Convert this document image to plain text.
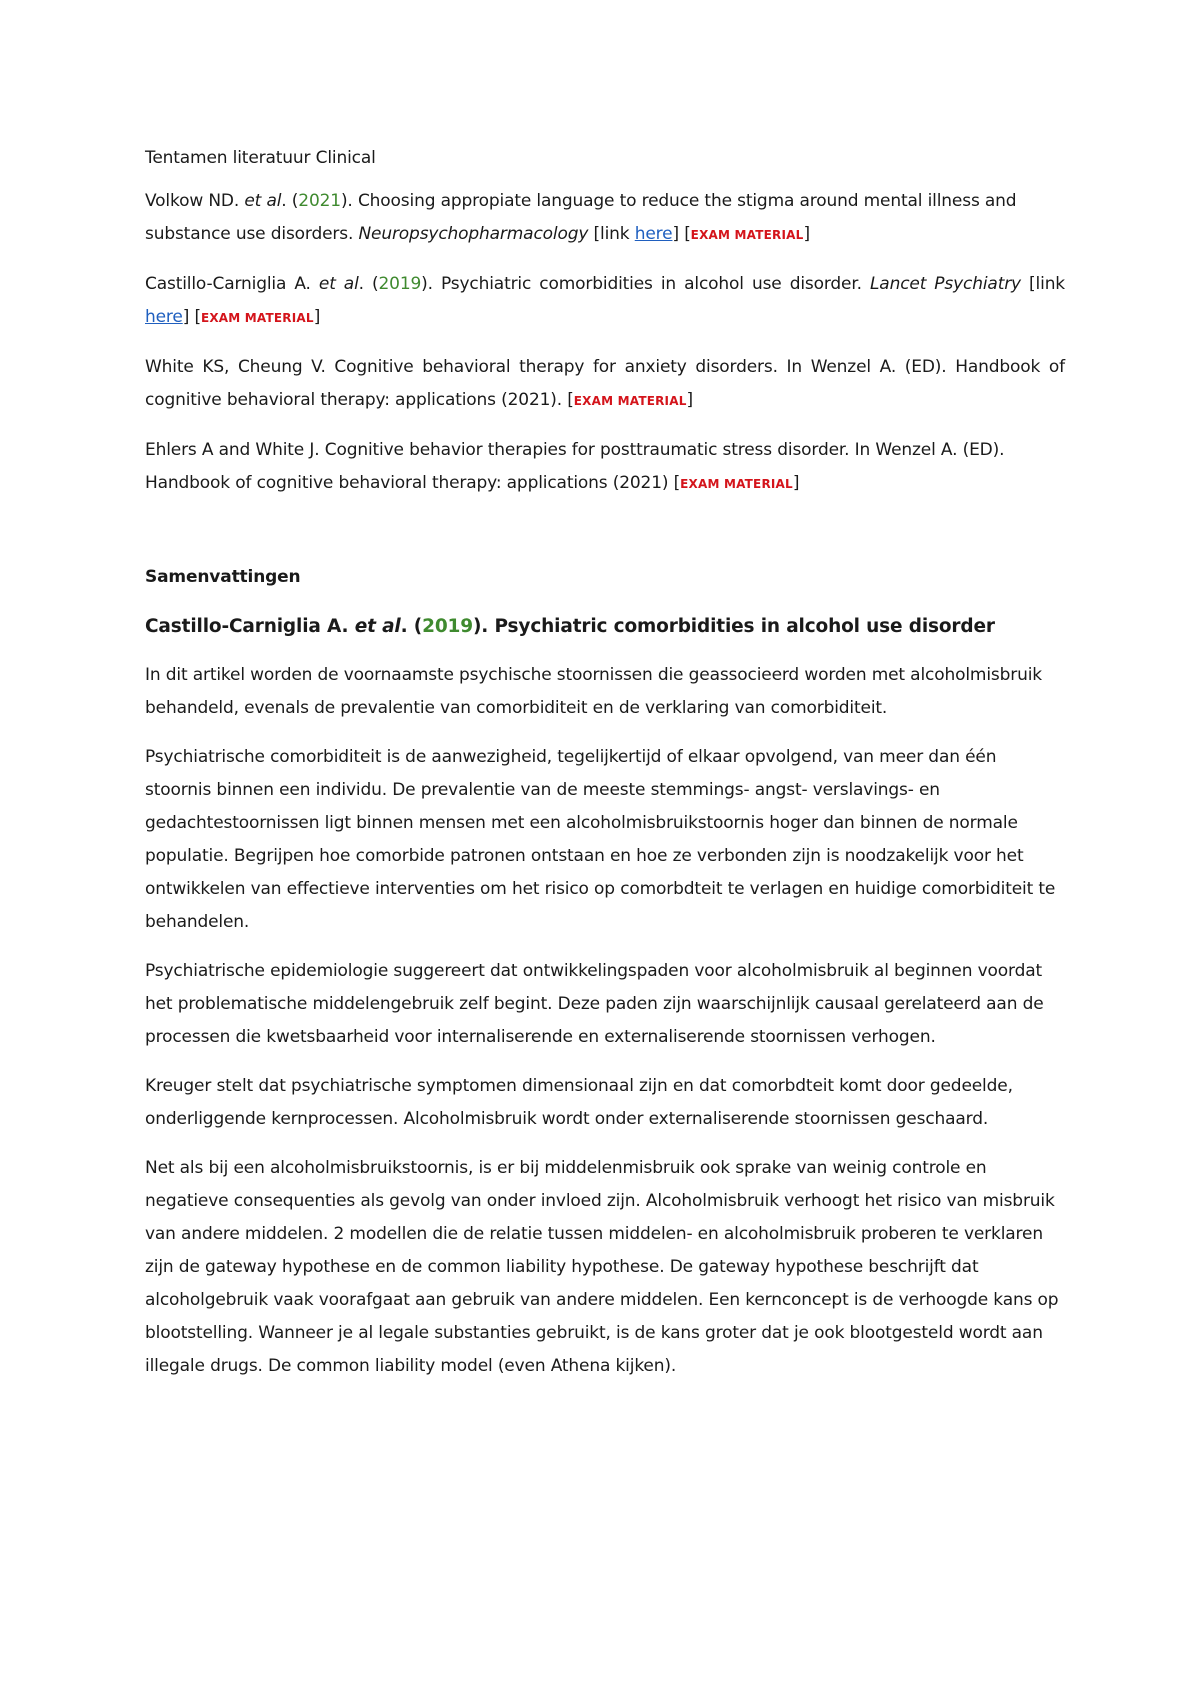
Tentamen literatuur Clinical

Volkow ND. et al. (2021). Choosing appropiate language to reduce the stigma around mental illness and substance use disorders. Neuropsychopharmacology [link here] [EXAM MATERIAL]

Castillo-Carniglia A. et al. (2019). Psychiatric comorbidities in alcohol use disorder. Lancet Psychiatry [link here] [EXAM MATERIAL]

White KS, Cheung V. Cognitive behavioral therapy for anxiety disorders. In Wenzel A. (ED). Handbook of cognitive behavioral therapy: applications (2021). [EXAM MATERIAL]

Ehlers A and White J. Cognitive behavior therapies for posttraumatic stress disorder. In Wenzel A. (ED). Handbook of cognitive behavioral therapy: applications (2021) [EXAM MATERIAL]

Samenvattingen

Castillo-Carniglia A. et al. (2019). Psychiatric comorbidities in alcohol use disorder

In dit artikel worden de voornaamste psychische stoornissen die geassocieerd worden met alcoholmisbruik behandeld, evenals de prevalentie van comorbiditeit en de verklaring van comorbiditeit.

Psychiatrische comorbiditeit is de aanwezigheid, tegelijkertijd of elkaar opvolgend, van meer dan één stoornis binnen een individu. De prevalentie van de meeste stemmings- angst- verslavings- en gedachtestoornissen ligt binnen mensen met een alcoholmisbruikstoornis hoger dan binnen de normale populatie. Begrijpen hoe comorbide patronen ontstaan en hoe ze verbonden zijn is noodzakelijk voor het ontwikkelen van effectieve interventies om het risico op comorbdteit te verlagen en huidige comorbiditeit te behandelen.

Psychiatrische epidemiologie suggereert dat ontwikkelingspaden voor alcoholmisbruik al beginnen voordat het problematische middelengebruik zelf begint. Deze paden zijn waarschijnlijk causaal gerelateerd aan de processen die kwetsbaarheid voor internaliserende en externaliserende stoornissen verhogen.

Kreuger stelt dat psychiatrische symptomen dimensionaal zijn en dat comorbdteit komt door gedeelde, onderliggende kernprocessen. Alcoholmisbruik wordt onder externaliserende stoornissen geschaard.

Net als bij een alcoholmisbruikstoornis, is er bij middelenmisbruik ook sprake van weinig controle en negatieve consequenties als gevolg van onder invloed zijn. Alcoholmisbruik verhoogt het risico van misbruik van andere middelen. 2 modellen die de relatie tussen middelen- en alcoholmisbruik proberen te verklaren zijn de gateway hypothese en de common liability hypothese. De gateway hypothese beschrijft dat alcoholgebruik vaak voorafgaat aan gebruik van andere middelen. Een kernconcept is de verhoogde kans op blootstelling. Wanneer je al legale substanties gebruikt, is de kans groter dat je ook blootgesteld wordt aan illegale drugs. De common liability model (even Athena kijken).
